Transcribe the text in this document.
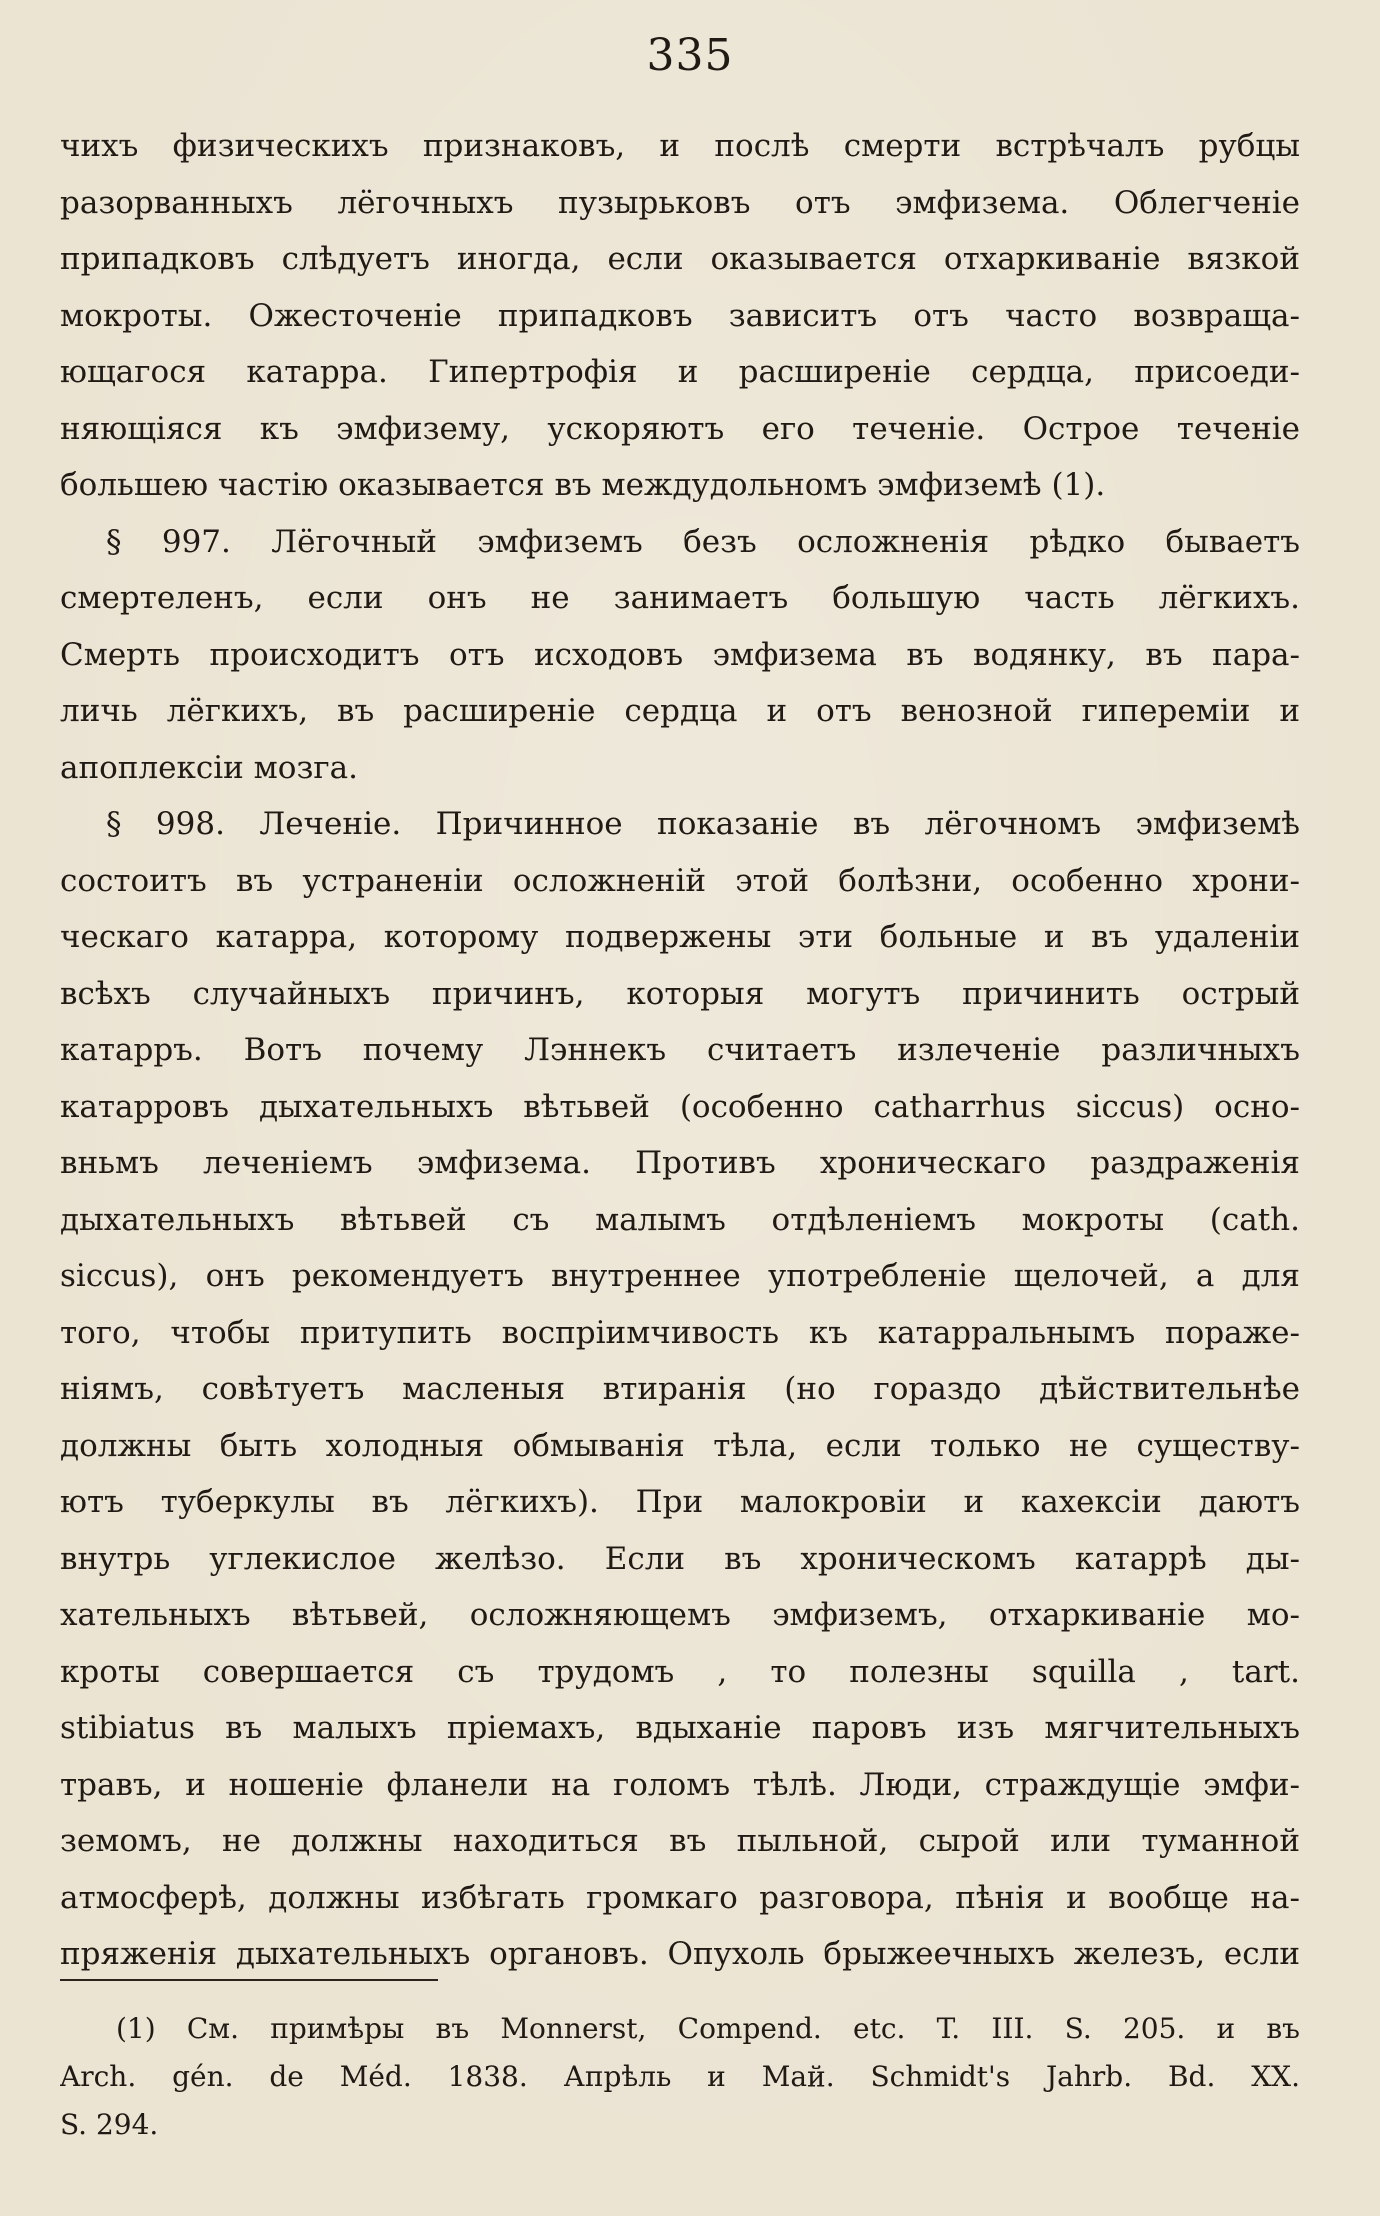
335
чихъ физическихъ признаковъ, и послѣ смерти встрѣчалъ рубцы
разорванныхъ лёгочныхъ пузырьковъ отъ эмфизема. Облегченіе
припадковъ слѣдуетъ иногда, если оказывается отхаркиваніе вязкой
мокроты. Ожесточеніе припадковъ зависитъ отъ часто возвраща-
ющагося катарра. Гипертрофія и расширеніе сердца, присоеди-
няющіяся къ эмфизему, ускоряютъ его теченіе. Острое теченіе
большею частію оказывается въ междудольномъ эмфиземѣ (1).
§ 997. Лёгочный эмфиземъ безъ осложненія рѣдко бываетъ
смертеленъ, если онъ не занимаетъ большую часть лёгкихъ.
Смерть происходитъ отъ исходовъ эмфизема въ водянку, въ пара-
личь лёгкихъ, въ расширеніе сердца и отъ венозной гипереміи и
апоплексіи мозга.
§ 998. Леченіе. Причинное показаніе въ лёгочномъ эмфиземѣ
состоитъ въ устраненіи осложненій этой болѣзни, особенно хрони-
ческаго катарра, которому подвержены эти больные и въ удаленіи
всѣхъ случайныхъ причинъ, которыя могутъ причинить острый
катарръ. Вотъ почему Лэннекъ считаетъ излеченіе различныхъ
катарровъ дыхательныхъ вѣтьвей (особенно catharrhus siccus) осно-
вньмъ леченіемъ эмфизема. Противъ хроническаго раздраженія
дыхательныхъ вѣтьвей съ малымъ отдѣленіемъ мокроты (cath.
siccus), онъ рекомендуетъ внутреннее употребленіе щелочей, а для
того, чтобы притупить воспріимчивость къ катарральнымъ пораже-
ніямъ, совѣтуетъ масленыя втиранія (но гораздо дѣйствительнѣе
должны быть холодныя обмыванія тѣла, если только не существу-
ютъ туберкулы въ лёгкихъ). При малокровіи и кахексіи даютъ
внутрь углекислое желѣзо. Если въ хроническомъ катаррѣ ды-
хательныхъ вѣтьвей, осложняющемъ эмфиземъ, отхаркиваніе мо-
кроты совершается съ трудомъ , то полезны squilla , tart.
stibiatus въ малыхъ пріемахъ, вдыханіе паровъ изъ мягчительныхъ
травъ, и ношеніе фланели на голомъ тѣлѣ. Люди, страждущіе эмфи-
земомъ, не должны находиться въ пыльной, сырой или туманной
атмосферѣ, должны избѣгать громкаго разговора, пѣнія и вообще на-
пряженія дыхательныхъ органовъ. Опухоль брыжеечныхъ железъ, если
(1) См. примѣры въ Monnerst, Compend. etc. T. III. S. 205. и въ
Arch. gén. de Méd. 1838. Апрѣль и Май. Schmidt's Jahrb. Bd. XX.
S. 294.
